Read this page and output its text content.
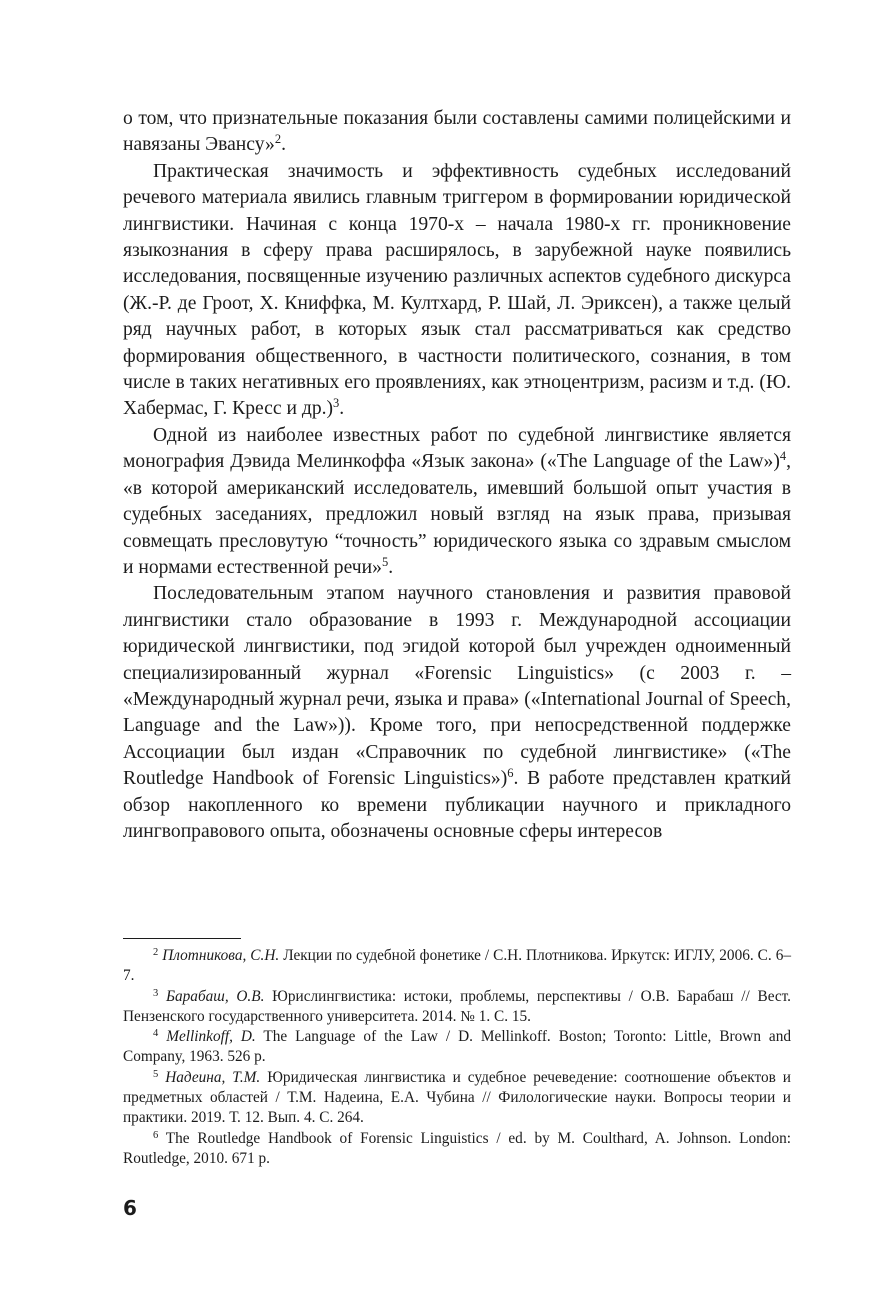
о том, что признательные показания были составлены самими полицейскими и навязаны Эвансу»$^2$.

Практическая значимость и эффективность судебных исследований речевого материала явились главным триггером в формировании юридической лингвистики. Начиная с конца 1970-х – начала 1980-х гг. проникновение языкознания в сферу права расширялось, в зарубежной науке появились исследования, посвященные изучению различных аспектов судебного дискурса (Ж.-Р. де Гроот, Х. Книффка, М. Култхард, Р. Шай, Л. Эриксен), а также целый ряд научных работ, в которых язык стал рассматриваться как средство формирования общественного, в частности политического, сознания, в том числе в таких негативных его проявлениях, как этноцентризм, расизм и т.д. (Ю. Хабермас, Г. Кресс и др.)$^3$.

Одной из наиболее известных работ по судебной лингвистике является монография Дэвида Мелинкоффа «Язык закона» («The Language of the Law»)$^4$, «в которой американский исследователь, имевший большой опыт участия в судебных заседаниях, предложил новый взгляд на язык права, призывая совмещать пресловутую “точность” юридического языка со здравым смыслом и нормами естественной речи»$^5$.

Последовательным этапом научного становления и развития правовой лингвистики стало образование в 1993 г. Международной ассоциации юридической лингвистики, под эгидой которой был учрежден одноименный специализированный журнал «Forensic Linguistics» (с 2003 г. – «Международный журнал речи, языка и права» («International Journal of Speech, Language and the Law»)). Кроме того, при непосредственной поддержке Ассоциации был издан «Справочник по судебной лингвистике» («The Routledge Handbook of Forensic Linguistics»)$^6$. В работе представлен краткий обзор накопленного ко времени публикации научного и прикладного лингвоправового опыта, обозначены основные сферы интересов

$^2$ Плотникова, С.Н. Лекции по судебной фонетике / С.Н. Плотникова. Иркутск: ИГЛУ, 2006. С. 6–7.

$^3$ Барабаш, О.В. Юрислингвистика: истоки, проблемы, перспективы / О.В. Барабаш // Вест. Пензенского государственного университета. 2014. № 1. С. 15.

$^4$ Mellinkoff, D. The Language of the Law / D. Mellinkoff. Boston; Toronto: Little, Brown and Company, 1963. 526 p.

$^5$ Надеина, Т.М. Юридическая лингвистика и судебное речеведение: соотношение объектов и предметных областей / Т.М. Надеина, Е.А. Чубина // Филологические науки. Вопросы теории и практики. 2019. Т. 12. Вып. 4. С. 264.

$^6$ The Routledge Handbook of Forensic Linguistics / ed. by M. Coulthard, A. Johnson. London: Routledge, 2010. 671 p.

6
